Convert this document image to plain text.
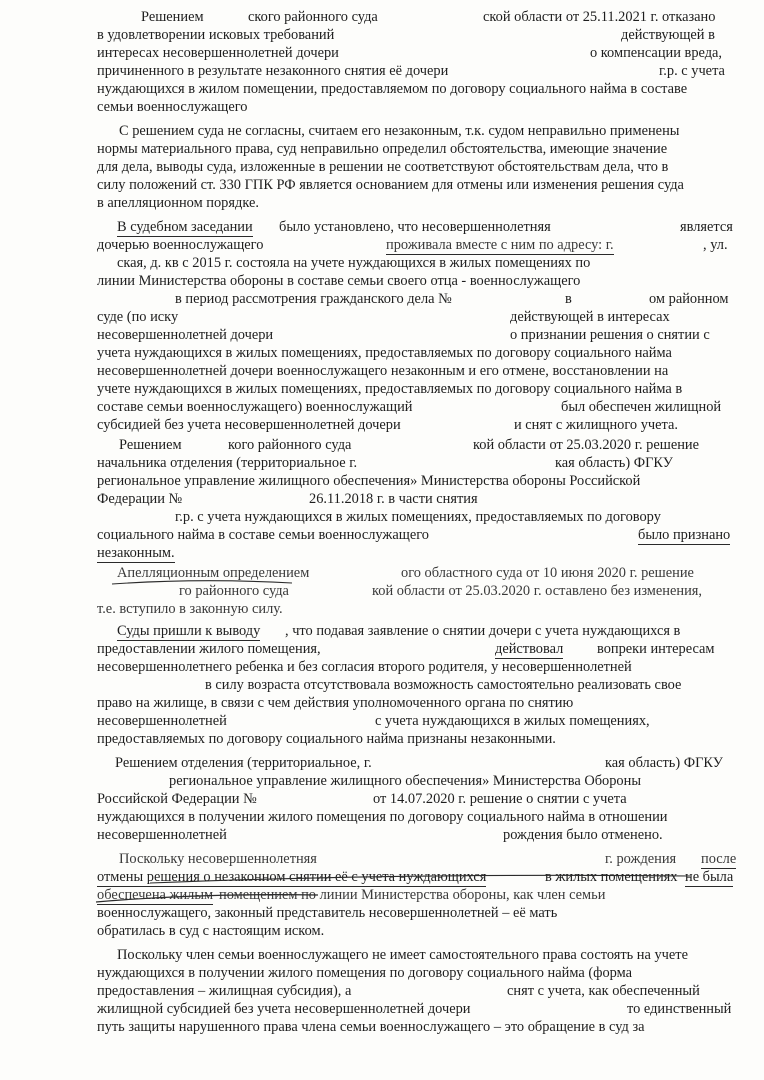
Решением	ского районного суда	ской области от 25.11.2021 г. отказано
в удовлетворении исковых требований	действующей в
интересах несовершеннолетней дочери	о компенсации вреда,
причиненного в результате незаконного снятия её дочери	г.р. с учета
нуждающихся в жилом помещении, предоставляемом по договору социального найма в составе
семьи военнослужащего
С решением суда не согласны, считаем его незаконным, т.к. судом неправильно применены
нормы материального права, суд неправильно определил обстоятельства, имеющие значение
для дела, выводы суда, изложенные в решении не соответствуют обстоятельствам дела, что в
силу положений ст. 330 ГПК РФ является основанием для отмены или изменения решения суда
в апелляционном порядке.
В судебном заседании было установлено, что несовершеннолетняя	является
дочерью военнослужащего	проживала вместе с ним по адресу: г.	, ул.
ская, д. кв с 2015 г. состояла на учете нуждающихся в жилых помещениях по
линии Министерства обороны в составе семьи своего отца - военнослужащего
в период рассмотрения гражданского дела №	в	ом районном
суде (по иску	действующей в интересах
несовершеннолетней дочери	о признании решения о снятии с
учета нуждающихся в жилых помещениях, предоставляемых по договору социального найма
несовершеннолетней дочери военнослужащего незаконным и его отмене, восстановлении на
учете нуждающихся в жилых помещениях, предоставляемых по договору социального найма в
составе семьи военнослужащего) военнослужащий	был обеспечен жилищной
субсидией без учета несовершеннолетней дочери	и снят с жилищного учета.
Решением	кого районного суда	кой области от 25.03.2020 г. решение
начальника отделения (территориальное г.	кая область) ФГКУ
региональное управление жилищного обеспечения» Министерства обороны Российской
Федерации №	26.11.2018 г. в части снятия
г.р. с учета нуждающихся в жилых помещениях, предоставляемых по договору
социального найма в составе семьи военнослужащего	было признано
незаконным.
Апелляционным определением	ого областного суда от 10 июня 2020 г. решение
го районного суда	кой области от 25.03.2020 г. оставлено без изменения,
т.е. вступило в законную силу.
Суды пришли к выводу , что подавая заявление о снятии дочери с учета нуждающихся в
предоставлении жилого помещения,	действовал вопреки интересам
несовершеннолетнего ребенка и без согласия второго родителя, у несовершеннолетней
в силу возраста отсутствовала возможность самостоятельно реализовать свое
право на жилище, в связи с чем действия уполномоченного органа по снятию
несовершеннолетней	с учета нуждающихся в жилых помещениях,
предоставляемых по договору социального найма признаны незаконными.
Решением отделения (территориальное, г.	кая область) ФГКУ
региональное управление жилищного обеспечения» Министерства Обороны
Российской Федерации №	от 14.07.2020 г. решение о снятии с учета
нуждающихся в получении жилого помещения по договору социального найма в отношении
несовершеннолетней	рождения было отменено.
Поскольку несовершеннолетняя	г. рождения после
отмены решения о незаконном снятии её с учета нуждающихся	в жилых помещениях не была
обеспечена жилым помещением по линии Министерства обороны, как член семьи
военнослужащего, законный представитель несовершеннолетней – её мать
обратилась в суд с настоящим иском.
Поскольку член семьи военнослужащего не имеет самостоятельного права состоять на учете
нуждающихся в получении жилого помещения по договору социального найма (форма
предоставления – жилищная субсидия), а	снят с учета, как обеспеченный
жилищной субсидией без учета несовершеннолетней дочери	то единственный
путь защиты нарушенного права члена семьи военнослужащего – это обращение в суд за
